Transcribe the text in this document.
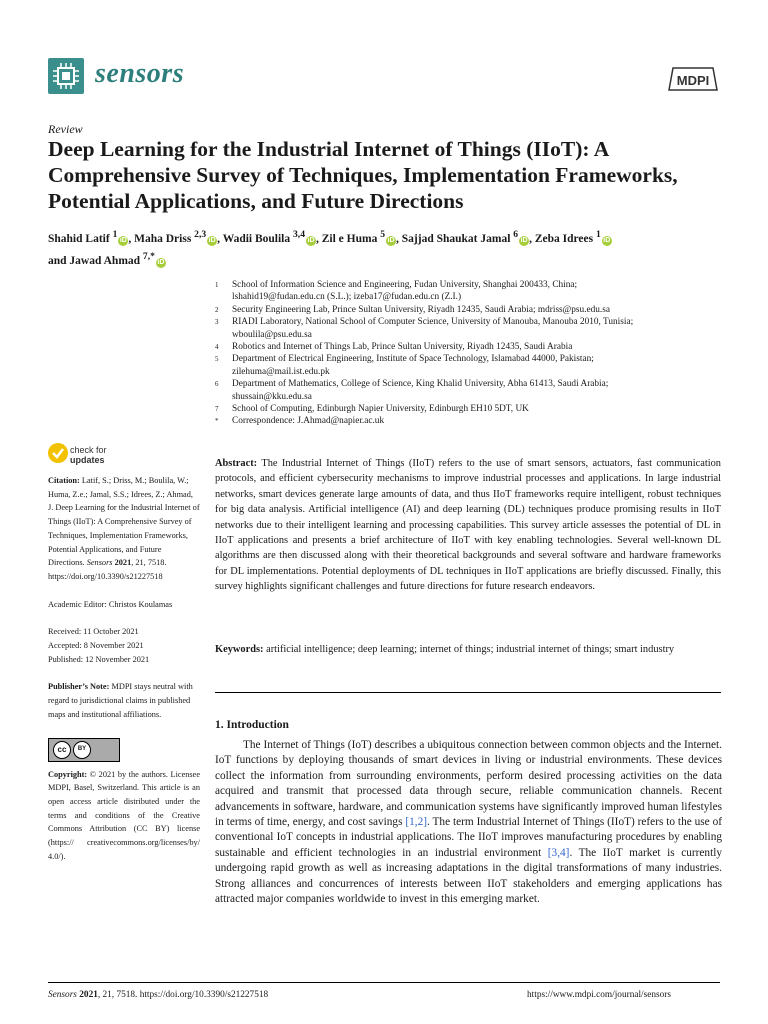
sensors	MDPI
Review
Deep Learning for the Industrial Internet of Things (IIoT): A Comprehensive Survey of Techniques, Implementation Frameworks, Potential Applications, and Future Directions
Shahid Latif $^1$iD , Maha Driss $^{2,3}$iD , Wadii Boulila $^{3,4}$iD , Zil e Huma $^5$iD , Sajjad Shaukat Jamal $^6$iD , Zeba Idrees $^1$iD
and Jawad Ahmad $^{7,*}$iD
1	School of Information Science and Engineering, Fudan University, Shanghai 200433, China;
lshahid19@fudan.edu.cn (S.L.); izeba17@fudan.edu.cn (Z.I.)
2	Security Engineering Lab, Prince Sultan University, Riyadh 12435, Saudi Arabia; mdriss@psu.edu.sa
3	RIADI Laboratory, National School of Computer Science, University of Manouba, Manouba 2010, Tunisia;
wboulila@psu.edu.sa
4	Robotics and Internet of Things Lab, Prince Sultan University, Riyadh 12435, Saudi Arabia
5	Department of Electrical Engineering, Institute of Space Technology, Islamabad 44000, Pakistan;
zilehuma@mail.ist.edu.pk
6	Department of Mathematics, College of Science, King Khalid University, Abha 61413, Saudi Arabia;
shussain@kku.edu.sa
7	School of Computing, Edinburgh Napier University, Edinburgh EH10 5DT, UK
*	Correspondence: J.Ahmad@napier.ac.uk
check for
updates

Citation: Latif, S.; Driss, M.; Boulila, W.; Huma, Z.e.; Jamal, S.S.; Idrees, Z.; Ahmad, J. Deep Learning for the Industrial Internet of Things (IIoT): A Comprehensive Survey of Techniques, Implementation Frameworks, Potential Applications, and Future Directions. Sensors 2021, 21, 7518. https://doi.org/10.3390/s21227518

Academic Editor: Christos Koulamas

Received: 11 October 2021

Accepted: 8 November 2021

Published: 12 November 2021

Publisher’s Note: MDPI stays neutral with regard to jurisdictional claims in published maps and institutional affiliations.

cc	BY

Copyright: © 2021 by the authors. Licensee MDPI, Basel, Switzerland. This article is an open access article distributed under the terms and conditions of the Creative Commons Attribution (CC BY) license (https:// creativecommons.org/licenses/by/ 4.0/).

Abstract: The Industrial Internet of Things (IIoT) refers to the use of smart sensors, actuators, fast communication protocols, and efficient cybersecurity mechanisms to improve industrial processes and applications. In large industrial networks, smart devices generate large amounts of data, and thus IIoT frameworks require intelligent, robust techniques for big data analysis. Artificial intelligence (AI) and deep learning (DL) techniques produce promising results in IIoT networks due to their intelligent learning and processing capabilities. This survey article assesses the potential of DL in IIoT applications and presents a brief architecture of IIoT with key enabling technologies. Several well-known DL algorithms are then discussed along with their theoretical backgrounds and several software and hardware frameworks for DL implementations. Potential deployments of DL techniques in IIoT applications are briefly discussed. Finally, this survey highlights significant challenges and future directions for future research endeavors.
Keywords: artificial intelligence; deep learning; internet of things; industrial internet of things; smart industry
1. Introduction
The Internet of Things (IoT) describes a ubiquitous connection between common objects and the Internet. IoT functions by deploying thousands of smart devices in living or industrial environments. These devices collect the information from surrounding environments, perform desired processing activities on the data acquired and transmit that processed data through secure, reliable communication channels. Recent advancements in software, hardware, and communication systems have significantly improved human lifestyles in terms of time, energy, and cost savings [1,2]. The term Industrial Internet of Things (IIoT) refers to the use of conventional IoT concepts in industrial applications. The IIoT improves manufacturing procedures by enabling sustainable and efficient technologies in an industrial environment [3,4]. The IIoT market is currently undergoing rapid growth as well as increasing adaptations in the digital transformations of many industries. Strong alliances and concurrences of interests between IIoT stakeholders and emerging applications has attracted major companies worldwide to invest in this emerging market.
Sensors 2021, 21, 7518. https://doi.org/10.3390/s21227518	https://www.mdpi.com/journal/sensors
